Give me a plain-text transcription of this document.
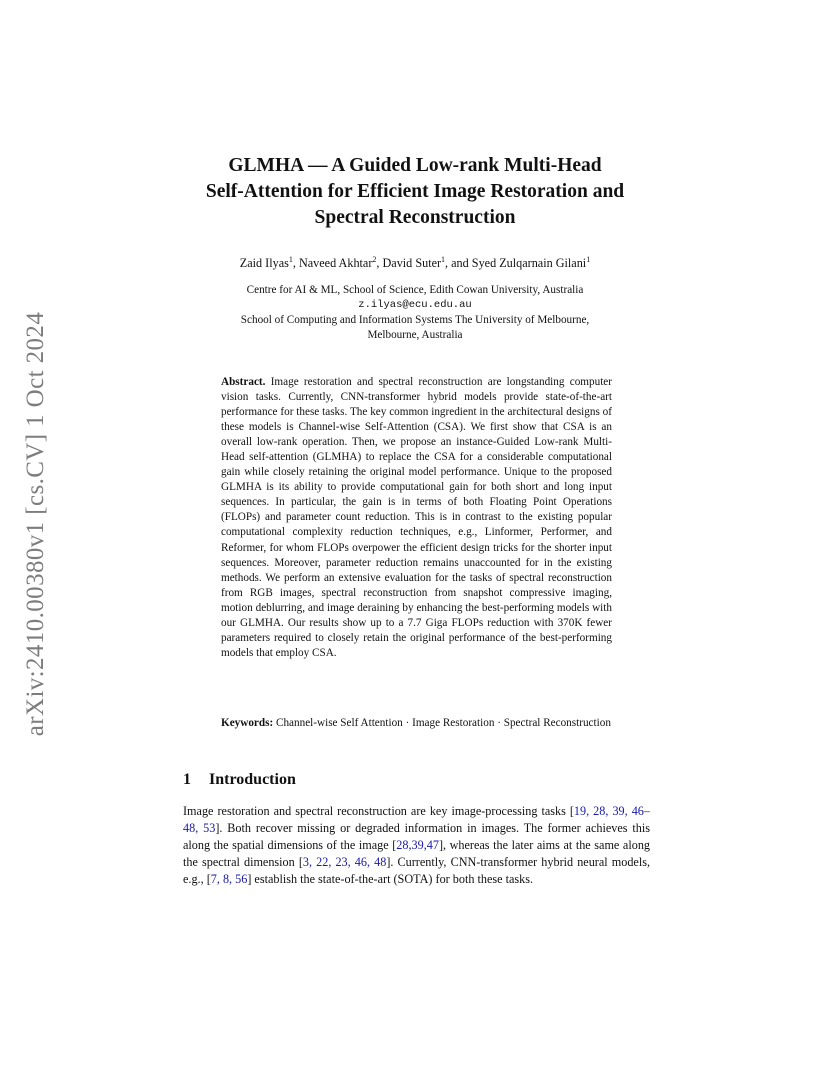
arXiv:2410.00380v1 [cs.CV] 1 Oct 2024
GLMHA — A Guided Low-rank Multi-Head
Self-Attention for Efficient Image Restoration and
Spectral Reconstruction
Zaid Ilyas$^1$, Naveed Akhtar$^2$, David Suter$^1$, and Syed Zulqarnain Gilani$^1$
Centre for AI & ML, School of Science, Edith Cowan University, Australia
z.ilyas@ecu.edu.au
School of Computing and Information Systems The University of Melbourne,
Melbourne, Australia
Abstract. Image restoration and spectral reconstruction are longstanding computer vision tasks. Currently, CNN-transformer hybrid models provide state-of-the-art performance for these tasks. The key common ingredient in the architectural designs of these models is Channel-wise Self-Attention (CSA). We first show that CSA is an overall low-rank operation. Then, we propose an instance-Guided Low-rank Multi-Head self-attention (GLMHA) to replace the CSA for a considerable computational gain while closely retaining the original model performance. Unique to the proposed GLMHA is its ability to provide computational gain for both short and long input sequences. In particular, the gain is in terms of both Floating Point Operations (FLOPs) and parameter count reduction. This is in contrast to the existing popular computational complexity reduction techniques, e.g., Linformer, Performer, and Reformer, for whom FLOPs overpower the efficient design tricks for the shorter input sequences. Moreover, parameter reduction remains unaccounted for in the existing methods. We perform an extensive evaluation for the tasks of spectral reconstruction from RGB images, spectral reconstruction from snapshot compressive imaging, motion deblurring, and image deraining by enhancing the best-performing models with our GLMHA. Our results show up to a 7.7 Giga FLOPs reduction with 370K fewer parameters required to closely retain the original performance of the best-performing models that employ CSA.
Keywords: Channel-wise Self Attention · Image Restoration · Spectral Reconstruction
1 Introduction
Image restoration and spectral reconstruction are key image-processing tasks [19, 28, 39, 46–48, 53]. Both recover missing or degraded information in images. The former achieves this along the spatial dimensions of the image [28,39,47], whereas the later aims at the same along the spectral dimension [3, 22, 23, 46, 48]. Currently, CNN-transformer hybrid neural models, e.g., [7, 8, 56] establish the state-of-the-art (SOTA) for both these tasks.
